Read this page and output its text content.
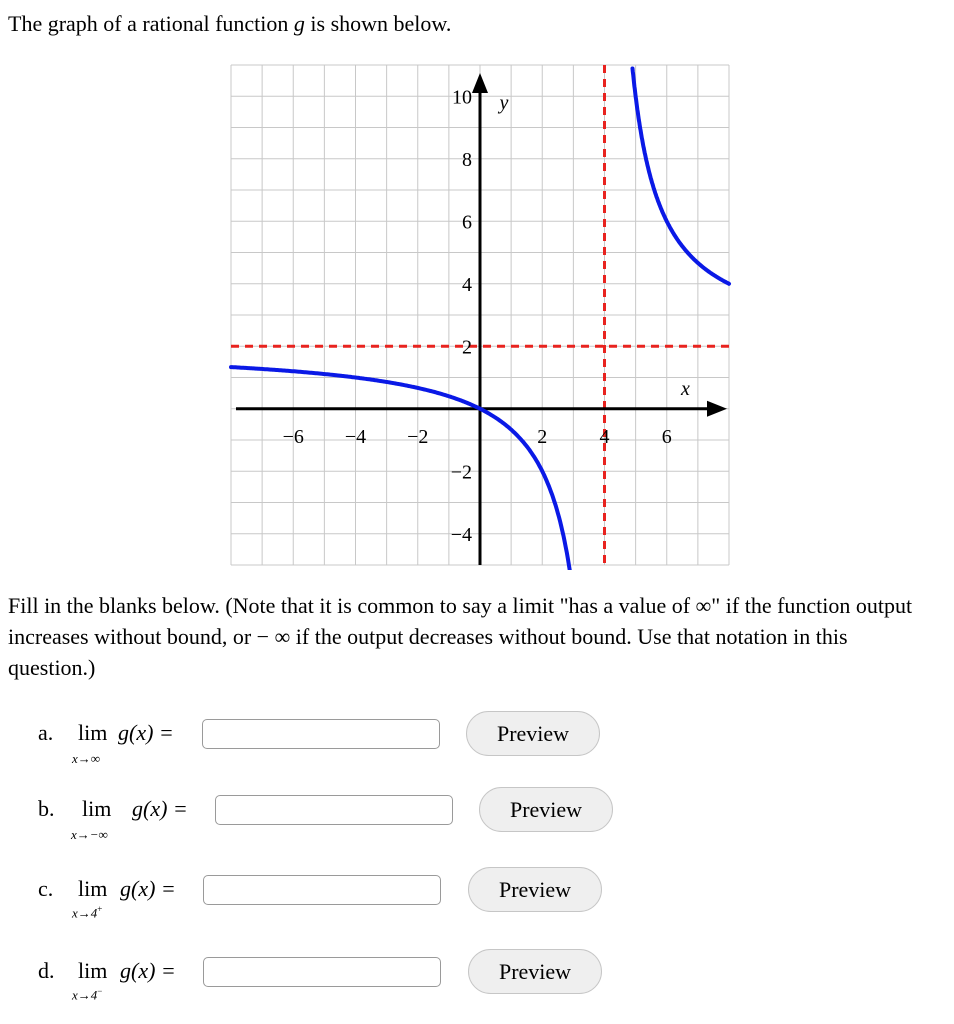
The graph of a rational function g is shown below.
−6 −4 −2	2	4	6
10
8
6
4
2
−2
−4
x
y
Fill in the blanks below. (Note that it is common to say a limit "has a value of ∞" if the function output increases without bound, or − ∞ if the output decreases without bound. Use that notation in this question.)
a. lim
x→∞
g(x) =	Preview
b. lim
x→−∞
g(x) =	Preview
c. lim
x→4+
g(x) =	Preview
d. lim
x→4−
g(x) =	Preview
